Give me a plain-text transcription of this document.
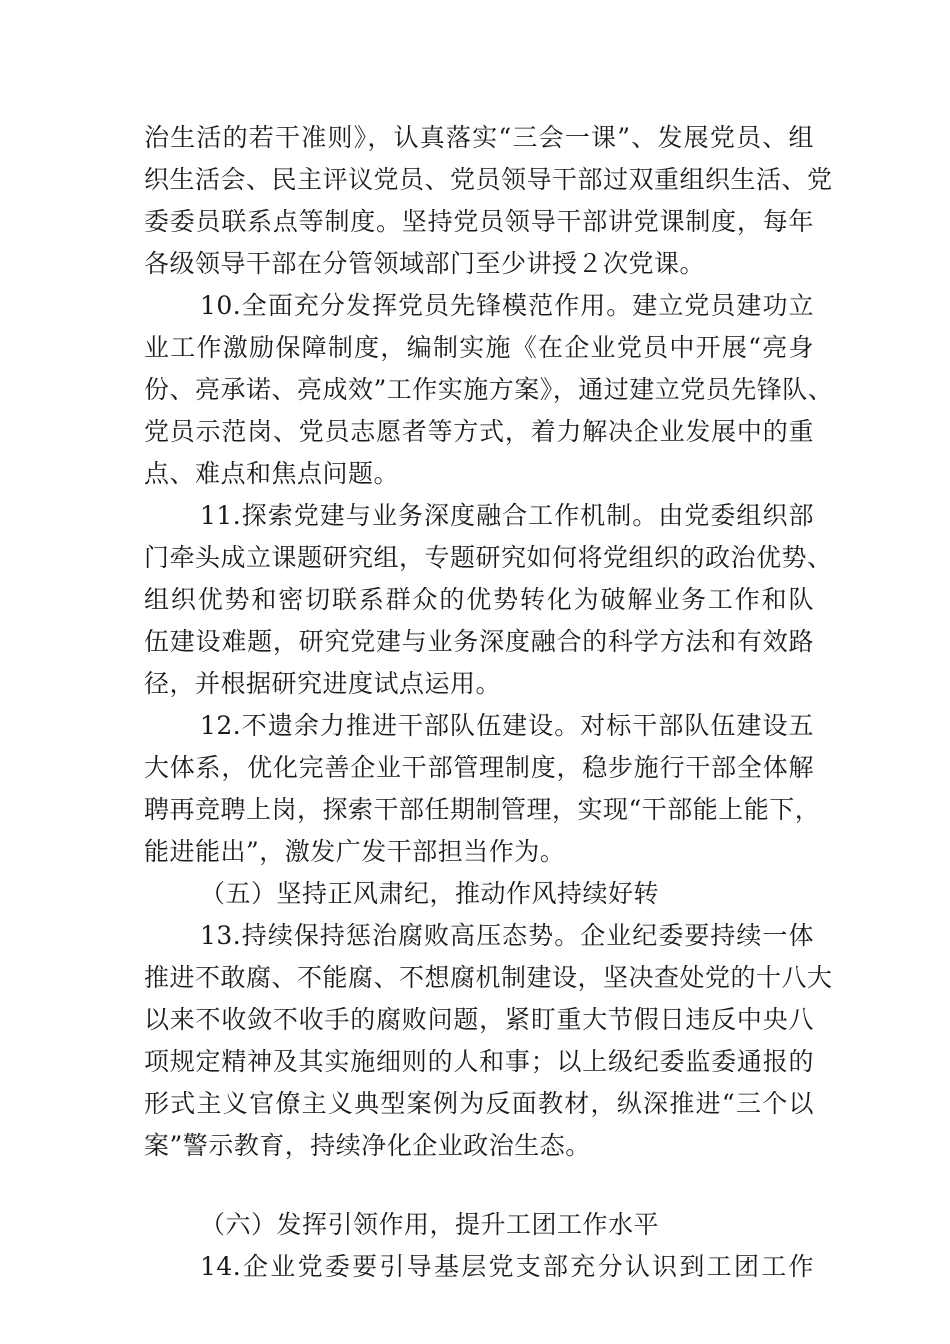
治生活的若干准则》，认真落实“三会一课”、发展党员、组
织生活会、民主评议党员、党员领导干部过双重组织生活、党
委委员联系点等制度。坚持党员领导干部讲党课制度，每年
各级领导干部在分管领域部门至少讲授２次党课。
10.全面充分发挥党员先锋模范作用。建立党员建功立
业工作激励保障制度，编制实施《在企业党员中开展“亮身
份、亮承诺、亮成效”工作实施方案》，通过建立党员先锋队、
党员示范岗、党员志愿者等方式，着力解决企业发展中的重
点、难点和焦点问题。
11.探索党建与业务深度融合工作机制。由党委组织部
门牵头成立课题研究组，专题研究如何将党组织的政治优势、
组织优势和密切联系群众的优势转化为破解业务工作和队
伍建设难题，研究党建与业务深度融合的科学方法和有效路
径，并根据研究进度试点运用。
12.不遗余力推进干部队伍建设。对标干部队伍建设五
大体系，优化完善企业干部管理制度，稳步施行干部全体解
聘再竞聘上岗，探索干部任期制管理，实现“干部能上能下，
能进能出”，激发广发干部担当作为。
（五）坚持正风肃纪，推动作风持续好转
13.持续保持惩治腐败高压态势。企业纪委要持续一体
推进不敢腐、不能腐、不想腐机制建设，坚决查处党的十八大
以来不收敛不收手的腐败问题，紧盯重大节假日违反中央八
项规定精神及其实施细则的人和事；以上级纪委监委通报的
形式主义官僚主义典型案例为反面教材，纵深推进“三个以
案”警示教育，持续净化企业政治生态。
（六）发挥引领作用，提升工团工作水平
14.企业党委要引导基层党支部充分认识到工团工作
